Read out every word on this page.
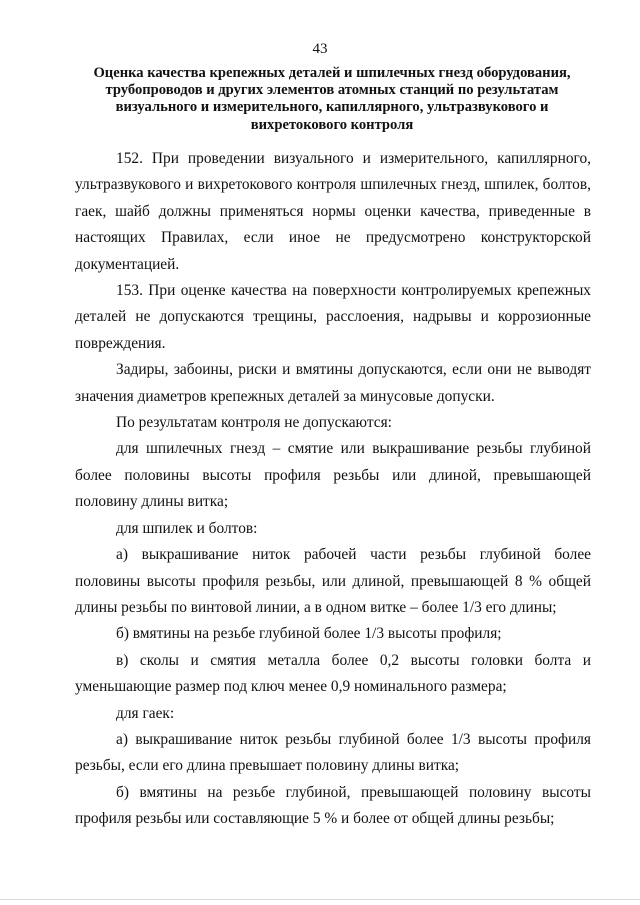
43
Оценка качества крепежных деталей и шпилечных гнезд оборудования, трубопроводов и других элементов атомных станций по результатам визуального и измерительного, капиллярного, ультразвукового и вихретокового контроля

152. При проведении визуального и измерительного, капиллярного, ультразвукового и вихретокового контроля шпилечных гнезд, шпилек, болтов, гаек, шайб должны применяться нормы оценки качества, приведенные в настоящих Правилах, если иное не предусмотрено конструкторской документацией.

153. При оценке качества на поверхности контролируемых крепежных деталей не допускаются трещины, расслоения, надрывы и коррозионные повреждения.

Задиры, забоины, риски и вмятины допускаются, если они не выводят значения диаметров крепежных деталей за минусовые допуски.

По результатам контроля не допускаются:

для шпилечных гнезд – смятие или выкрашивание резьбы глубиной более половины высоты профиля резьбы или длиной, превышающей половину длины витка;

для шпилек и болтов:

а) выкрашивание ниток рабочей части резьбы глубиной более половины высоты профиля резьбы, или длиной, превышающей 8 % общей длины резьбы по винтовой линии, а в одном витке – более 1/3 его длины;

б) вмятины на резьбе глубиной более 1/3 высоты профиля;

в) сколы и смятия металла более 0,2 высоты головки болта и уменьшающие размер под ключ менее 0,9 номинального размера;

для гаек:

а) выкрашивание ниток резьбы глубиной более 1/3 высоты профиля резьбы, если его длина превышает половину длины витка;

б) вмятины на резьбе глубиной, превышающей половину высоты профиля резьбы или составляющие 5 % и более от общей длины резьбы;
